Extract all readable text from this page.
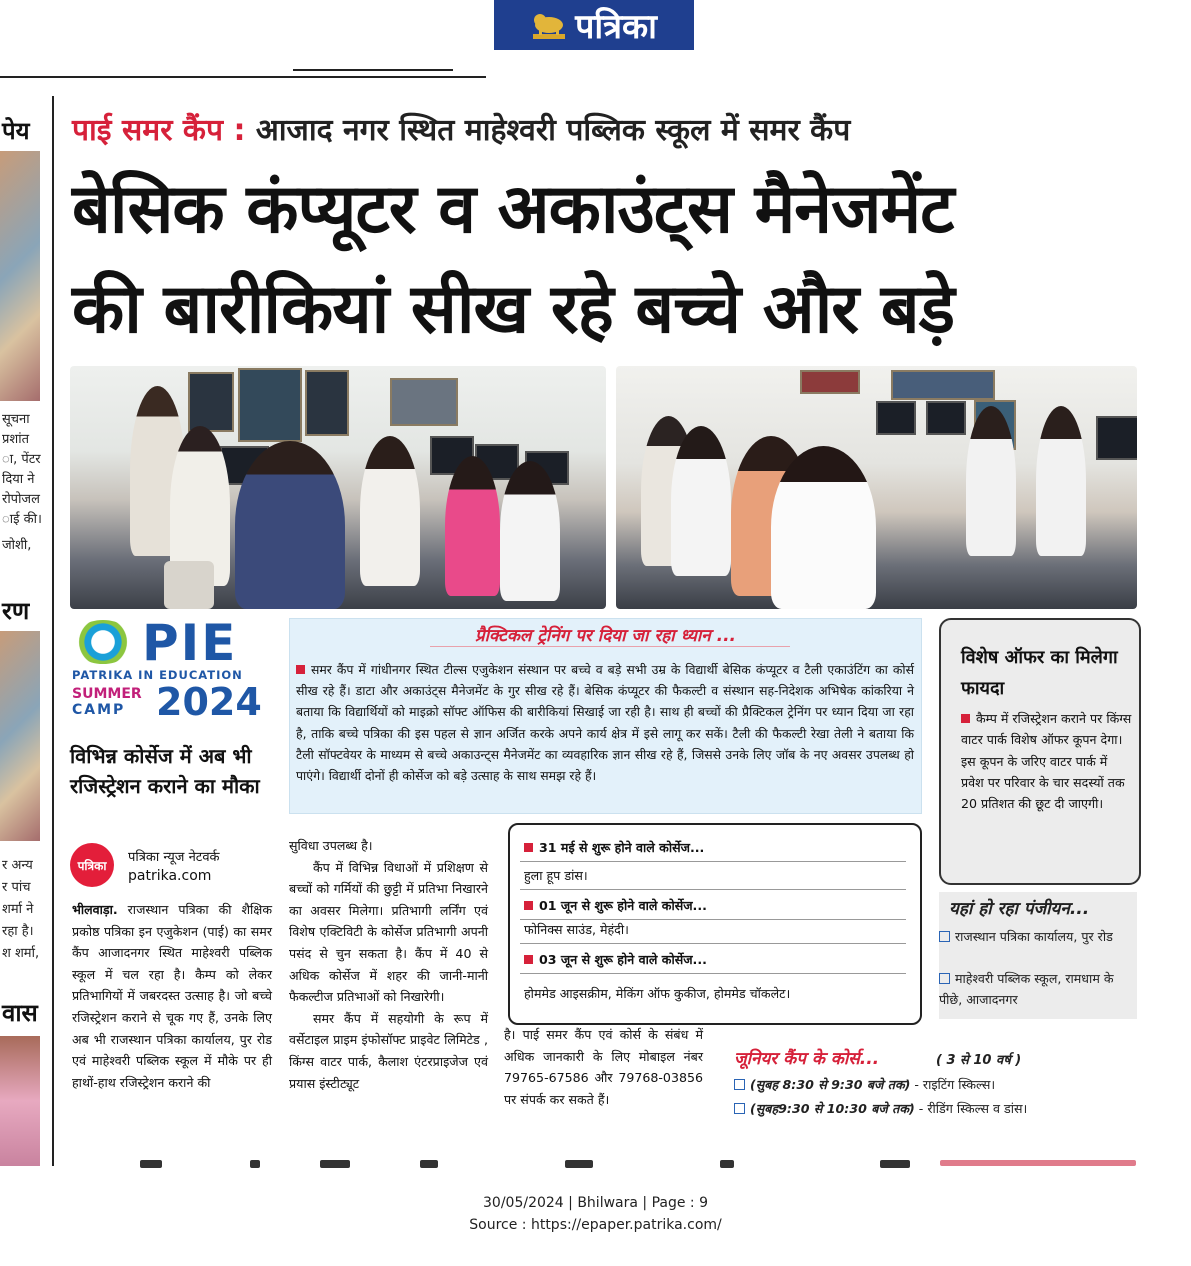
पत्रिका
पेय
सूचना
प्रशांत
ा, पेंटर
दिया ने
रोपोजल
ाई की।
जोशी,
रण
र अन्य
र पांच
शर्मा ने
रहा है।
श शर्मा,
वास
पाई समर कैंप : आजाद नगर स्थित माहेश्वरी पब्लिक स्कूल में समर कैंप
बेसिक कंप्यूटर व अकाउंट्स मैनेजमेंट
की बारीकियां सीख रहे बच्चे और बड़े
PIE
PATRIKA IN EDUCATION
SUMMER
CAMP 2024
विभिन्न कोर्सेज में अब भी रजिस्ट्रेशन कराने का मौका
पत्रिका
पत्रिका न्यूज नेटवर्क
patrika.com
भीलवाड़ा. राजस्थान पत्रिका की शैक्षिक प्रकोष्ठ पत्रिका इन एजुकेशन (पाई) का समर कैंप आजादनगर स्थित माहेश्वरी पब्लिक स्कूल में चल रहा है। कैम्प को लेकर प्रतिभागियों में जबरदस्त उत्साह है। जो बच्चे रजिस्ट्रेशन कराने से चूक गए हैं, उनके लिए अब भी राजस्थान पत्रिका कार्यालय, पुर रोड एवं माहेश्वरी पब्लिक स्कूल में मौके पर ही हाथों-हाथ रजिस्ट्रेशन कराने की
सुविधा उपलब्ध है।
कैंप में विभिन्न विधाओं में प्रशिक्षण से बच्चों को गर्मियों की छुट्टी में प्रतिभा निखारने का अवसर मिलेगा। प्रतिभागी लर्निंग एवं विशेष एक्टिविटी के कोर्सेज प्रतिभागी अपनी पसंद से चुन सकता है। कैंप में 40 से अधिक कोर्सेज में शहर की जानी-मानी फैकल्टीज प्रतिभाओं को निखारेगी।
समर कैंप में सहयोगी के रूप में वर्सेटाइल प्राइम इंफोसॉफ्ट प्राइवेट लिमिटेड , किंग्स वाटर पार्क, कैलाश एंटरप्राइजेज एवं प्रयास इंस्टीट्यूट
प्रैक्टिकल ट्रेनिंग पर दिया जा रहा ध्यान ...
समर कैंप में गांधीनगर स्थित टील्स एजुकेशन संस्थान पर बच्चे व बड़े सभी उम्र के विद्यार्थी बेसिक कंप्यूटर व टैली एकाउंटिंग का कोर्स सीख रहे हैं। डाटा और अकाउंट्स मैनेजमेंट के गुर सीख रहे हैं। बेसिक कंप्यूटर की फैकल्टी व संस्थान सह-निदेशक अभिषेक कांकरिया ने बताया कि विद्यार्थियों को माइक्रो सॉफ्ट ऑफिस की बारीकियां सिखाई जा रही है। साथ ही बच्चों की प्रैक्टिकल ट्रेनिंग पर ध्यान दिया जा रहा है, ताकि बच्चे पत्रिका की इस पहल से ज्ञान अर्जित करके अपने कार्य क्षेत्र में इसे लागू कर सकें। टैली की फैकल्टी रेखा तेली ने बताया कि टैली सॉफ्टवेयर के माध्यम से बच्चे अकाउन्ट्स मैनेजमेंट का व्यवहारिक ज्ञान सीख रहे हैं, जिससे उनके लिए जॉब के नए अवसर उपलब्ध हो पाएंगे। विद्यार्थी दोनों ही कोर्सेज को बड़े उत्साह के साथ समझ रहे हैं।
विशेष ऑफर का मिलेगा फायदा
कैम्प में रजिस्ट्रेशन कराने पर किंग्स वाटर पार्क विशेष ऑफर कूपन देगा। इस कूपन के जरिए वाटर पार्क में प्रवेश पर परिवार के चार सदस्यों तक 20 प्रतिशत की छूट दी जाएगी।
यहां हो रहा पंजीयन...
राजस्थान पत्रिका कार्यालय, पुर रोड
माहेश्वरी पब्लिक स्कूल, रामधाम के पीछे, आजादनगर
31 मई से शुरू होने वाले कोर्सेज...
हुला हूप डांस।
01 जून से शुरू होने वाले कोर्सेज...
फोनिक्स साउंड, मेहंदी।
03 जून से शुरू होने वाले कोर्सेज...
होममेड आइसक्रीम, मेकिंग ऑफ कुकीज, होममेड चॉकलेट।
है। पाई समर कैंप एवं कोर्स के संबंध में अधिक जानकारी के लिए मोबाइल नंबर 79765-67586 और 79768-03856 पर संपर्क कर सकते हैं।
जूनियर कैंप के कोर्स...	( 3 से 10 वर्ष )
(सुबह 8:30 से 9:30 बजे तक) - राइटिंग स्किल्स।
(सुबह9:30 से 10:30 बजे तक) - रीडिंग स्किल्स व डांस।
30/05/2024 | Bhilwara | Page : 9
Source : https://epaper.patrika.com/
